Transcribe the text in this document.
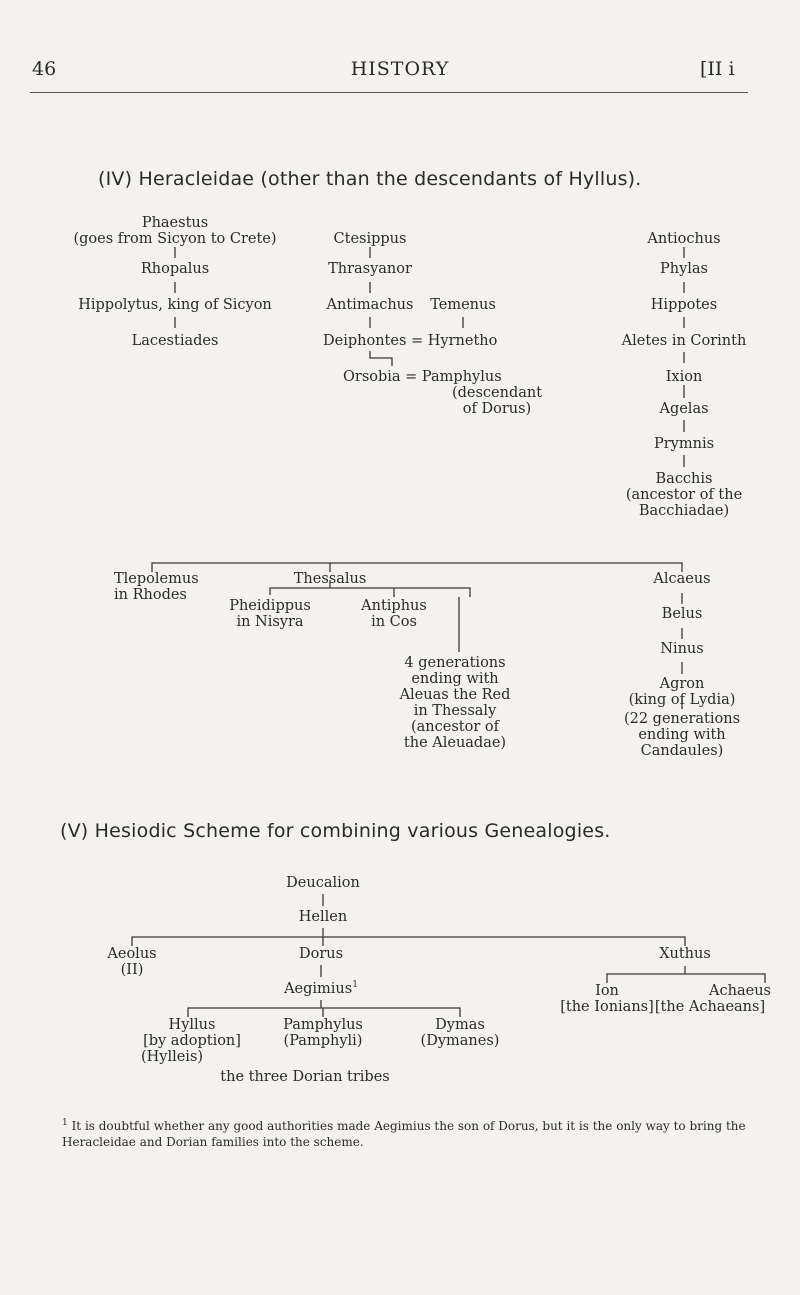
46	HISTORY	[II i
(IV) Heracleidae (other than the descendants of Hyllus).
Phaestus
(goes from Sicyon to Crete)
Rhopalus
Hippolytus, king of Sicyon
Lacestiades
Ctesippus
Thrasyanor
Antimachus Temenus
Deiphontes = Hyrnetho
Orsobia = Pamphylus
(descendant
of Dorus)
Antiochus
Phylas
Hippotes
Aletes in Corinth
Ixion
Agelas
Prymnis
Bacchis
(ancestor of the
Bacchiadae)
Tlepolemus
in Rhodes
Thessalus
Pheidippus
in Nisyra
Antiphus
in Cos
4 generations
ending with
Aleuas the Red
in Thessaly
(ancestor of
the Aleuadae)
Alcaeus
Belus
Ninus
Agron
(king of Lydia)
(22 generations
ending with
Candaules)
(V) Hesiodic Scheme for combining various Genealogies.
Deucalion
Hellen
Aeolus
(II)
Dorus
Aegimius$^1$
Xuthus
Ion
[the Ionians]
Achaeus
[the Achaeans]
Hyllus
[by adoption]
(Hylleis)
Pamphylus
(Pamphyli)
Dymas
(Dymanes)
the three Dorian tribes
$^1$ It is doubtful whether any good authorities made Aegimius the son of Dorus, but it is the only way to bring the Heracleidae and Dorian families into the scheme.
